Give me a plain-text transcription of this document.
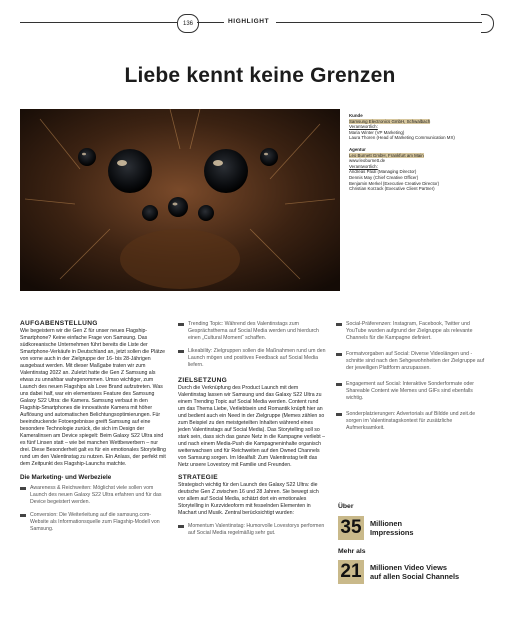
136	HIGHLIGHT
Liebe kennt keine Grenzen
Kunde
Samsung Electronics GmbH, Schwalbach
Verantwortlich:
Maria Winter (VP Marketing)
Laura Thoren (Head of Marketing Communication MX)
Agentur
Leo Burnett GmbH, Frankfurt am Main
www.leoburnett.de
Verantwortlich:
Andreas Pauli (Managing Director)
Dennis May (Chief Creative Officer)
Benjamin Merkel (Executive Creative Director)
Christian Korzack (Executive Client Partner)
AUFGABENSTELLUNG

Wie begeistern wir die Gen Z für unser neues Flagship-Smartphone? Keine einfache Frage von Samsung. Das südkoreanische Unternehmen führt bereits die Liste der Smartphone-Verkäufe in Deutschland an, jetzt sollen die Plätze von vorne auch in der Zielgruppe der 16- bis 28-Jährigen ausgebaut werden. Mit dieser Maßgabe traten wir zum Valentinstag 2022 an. Zuletzt hatte die Gen Z Samsung als etwas zu unnahbar wahrgenommen. Umso wichtiger, zum Launch des neuen Flagships als Love Brand aufzutreten. Was uns dabei half, war ein elementares Feature des Samsung Galaxy S22 Ultra: die Kamera. Samsung verbaut in den Flagship-Smartphones die innovativste Kamera mit höher Auflösung und automatischen Belichtungsoptimierungen. Für beeindruckende Fotoergebnisse greift Samsung auf eine besondere Technologie zurück, die sich im Design der Kameralinsen am Device spiegelt: Beim Galaxy S22 Ultra sind es fünf Linsen statt – wie bei manchen Wettbewerbern – nur drei. Diese Besonderheit galt es für ein emotionales Storytelling rund um den Valentinstag zu nutzen. Ein Anlass, der perfekt mit dem Zeitpunkt des Flagship-Launchs matchte.

Die Marketing- und Werbeziele
Awareness & Reichweiten: Möglichst viele sollen vom Launch des neuen Galaxy S22 Ultra erfahren und für das Device begeistert werden.
Conversion: Die Weiterleitung auf die samsung.com-Website als Informationsquelle zum Flagship-Modell von Samsung.
Trending Topic: Während des Valentinstags zum Gesprächsthema auf Social Media werden und hierdurch einen „Cultural Moment“ schaffen.
Likeability: Zielgruppen sollen die Maßnahmen rund um den Launch mögen und positives Feedback auf Social Media liefern.
ZIELSETZUNG

Durch die Verknüpfung des Product Launch mit dem Valentinstag lassen wir Samsung und das Galaxy S22 Ultra zu einem Trending Topic auf Social Media werden. Content rund um das Thema Liebe, Verliebtsein und Romantik knüpft hier an und bedient auch ein Need in der Zielgruppe (Memes zählen so zum Beispiel zu den meistgeteilten Inhalten während eines jeden Valentinstags auf Social Media). Das Storytelling soll so stark sein, dass sich das ganze Netz in die Kampagne verliebt – und nach einem Media-Push die Kampagneninhalte organisch weiterwachsen und für Reichweiten auf den Owned Channels von Samsung sorgen. Im Idealfall: Zum Valentinstag teilt das Netz unsere Lovestory mit Familie und Freunden.

STRATEGIE

Strategisch wichtig für den Launch des Galaxy S22 Ultra: die deutsche Gen Z zwischen 16 und 28 Jahren. Sie bewegt sich vor allem auf Social Media, schätzt dort ein emotionales Storytelling in Kurzvideoform mit fesselnden Elementen in Machart und Musik. Zentral berücksichtigt wurden:

Momentum Valentinstag: Humorvolle Lovestorys performen auf Social Media regelmäßig sehr gut.
Social-Präferenzen: Instagram, Facebook, Twitter und YouTube wurden aufgrund der Zielgruppe als relevante Channels für die Kampagne definiert.
Formatvorgaben auf Social: Diverse Videolängen und -schnitte sind nach den Sehgewohnheiten der Zielgruppe auf der jeweiligen Plattform anzupassen.
Engagement auf Social: Interaktive Sonderformate oder Shareable Content wie Memes und GIFs sind ebenfalls wichtig.
Sonderplatzierungen: Advertorials auf Bildde und zeit.de sorgen im Valentinstagskontext für zusätzliche Aufmerksamkeit.
Über
35	Millionen
Impressions
Mehr als
21	Millionen Video Views
auf allen Social Channels
